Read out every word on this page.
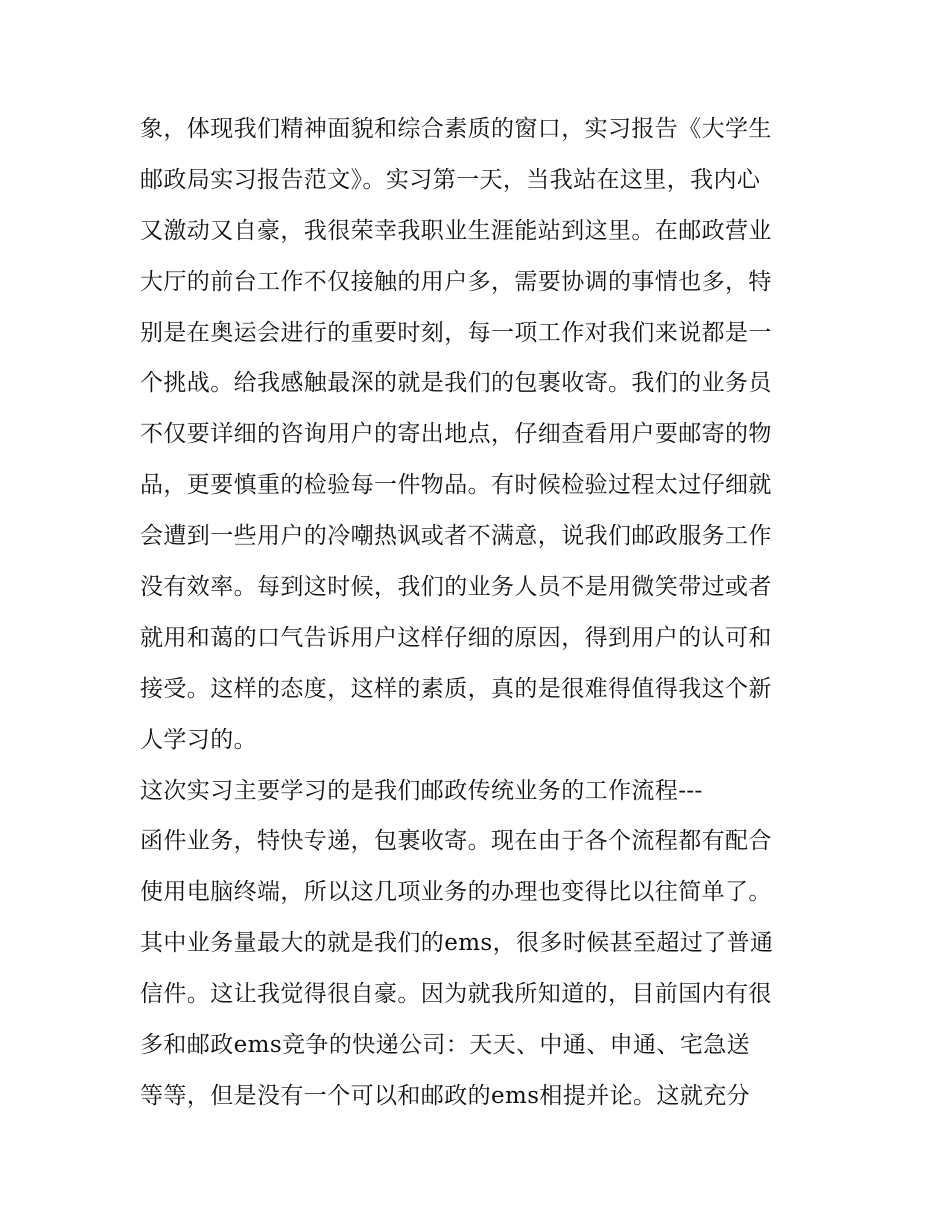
象，体现我们精神面貌和综合素质的窗口，实习报告《大学生
邮政局实习报告范文》。实习第一天，当我站在这里，我内心
又激动又自豪，我很荣幸我职业生涯能站到这里。在邮政营业
大厅的前台工作不仅接触的用户多，需要协调的事情也多，特
别是在奥运会进行的重要时刻，每一项工作对我们来说都是一
个挑战。给我感触最深的就是我们的包裹收寄。我们的业务员
不仅要详细的咨询用户的寄出地点，仔细查看用户要邮寄的物
品，更要慎重的检验每一件物品。有时候检验过程太过仔细就
会遭到一些用户的冷嘲热讽或者不满意，说我们邮政服务工作
没有效率。每到这时候，我们的业务人员不是用微笑带过或者
就用和蔼的口气告诉用户这样仔细的原因，得到用户的认可和
接受。这样的态度，这样的素质，真的是很难得值得我这个新
人学习的。
这次实习主要学习的是我们邮政传统业务的工作流程---
函件业务，特快专递，包裹收寄。现在由于各个流程都有配合
使用电脑终端，所以这几项业务的办理也变得比以往简单了。
其中业务量最大的就是我们的ems，很多时候甚至超过了普通
信件。这让我觉得很自豪。因为就我所知道的，目前国内有很
多和邮政ems竞争的快递公司：天天、中通、申通、宅急送
等等，但是没有一个可以和邮政的ems相提并论。这就充分
